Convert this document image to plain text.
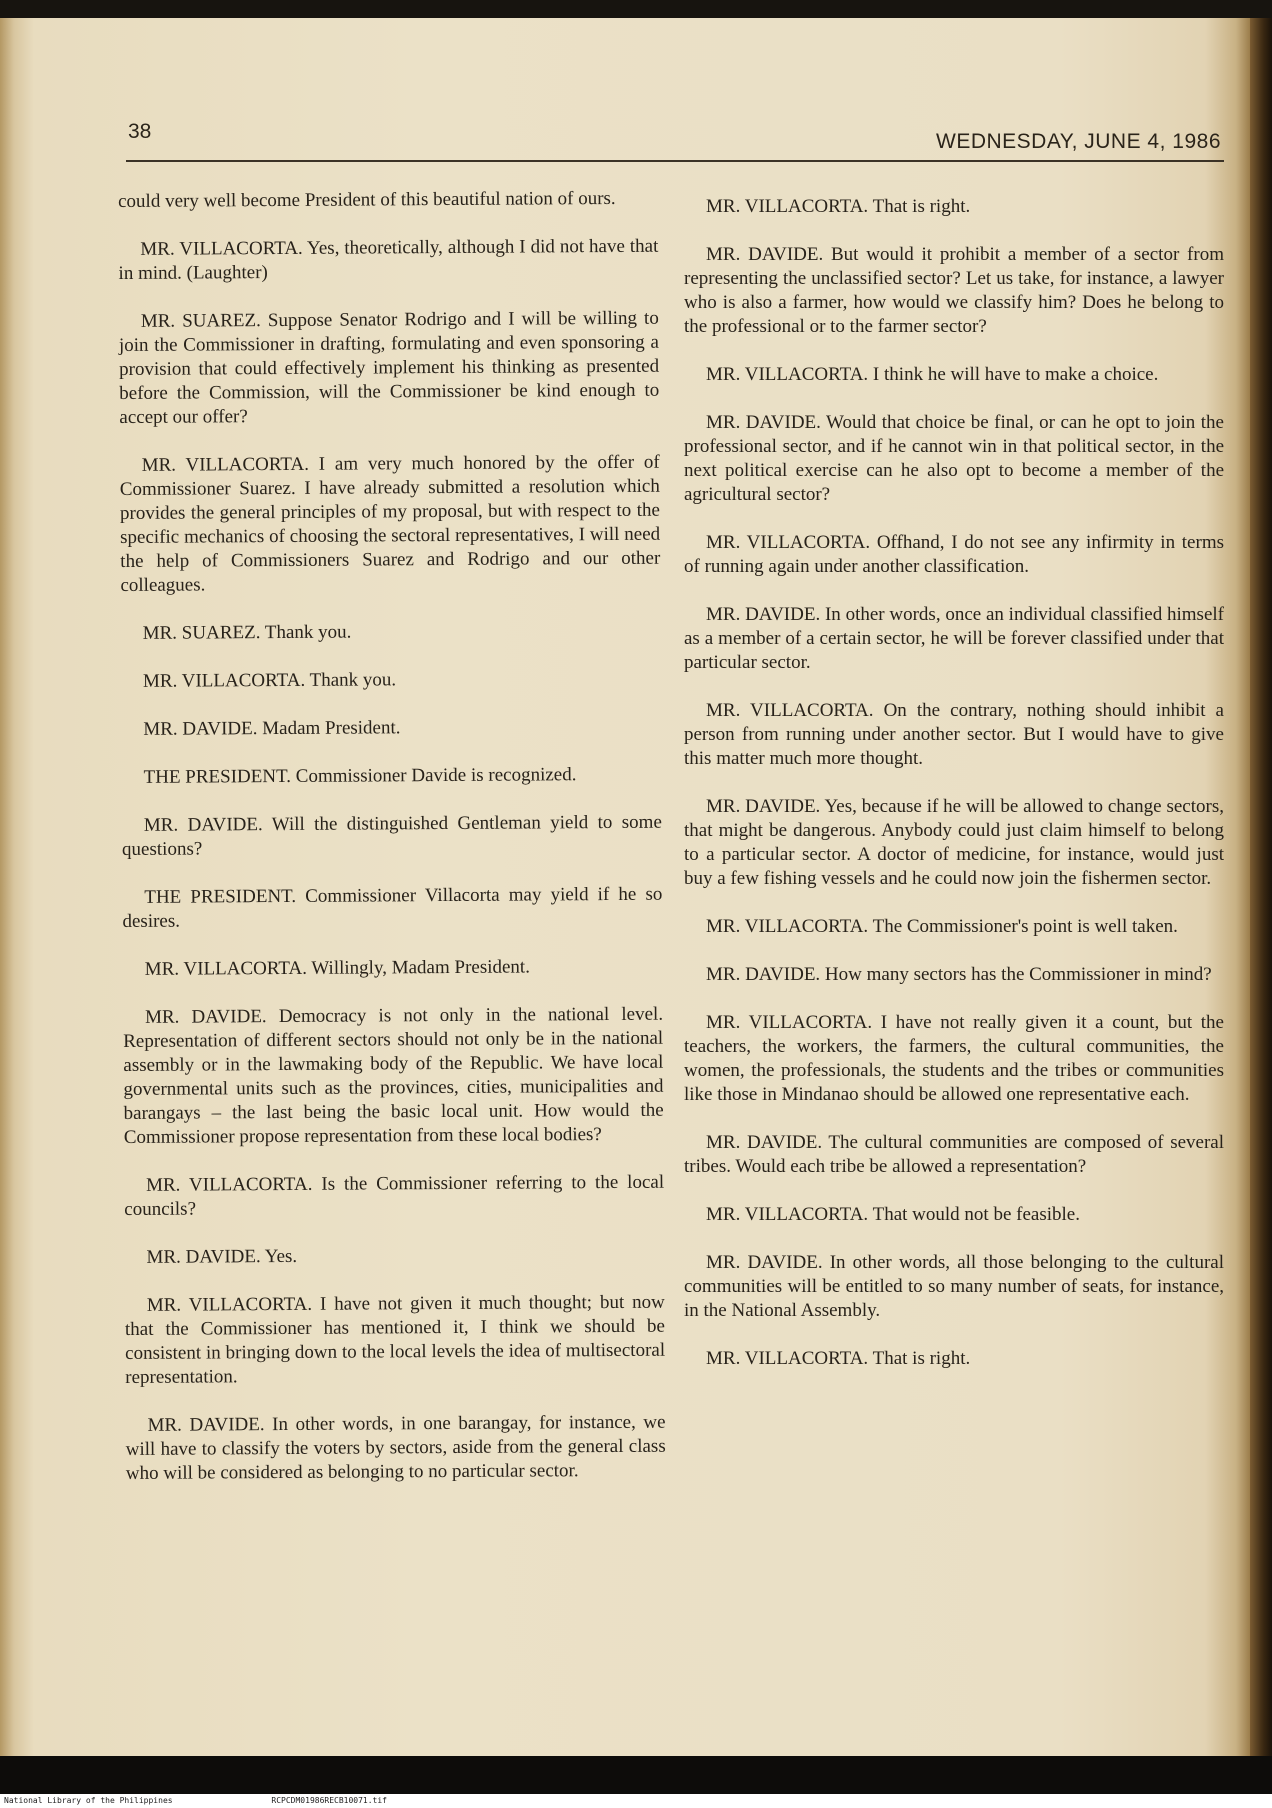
38	WEDNESDAY, JUNE 4, 1986

could very well become President of this beautiful nation of ours.

MR. VILLACORTA. Yes, theoretically, although I did not have that in mind. (Laughter)

MR. SUAREZ. Suppose Senator Rodrigo and I will be willing to join the Commissioner in drafting, formulating and even sponsoring a provision that could effectively implement his thinking as presented before the Commission, will the Commissioner be kind enough to accept our offer?

MR. VILLACORTA. I am very much honored by the offer of Commissioner Suarez. I have already submitted a resolution which provides the general principles of my proposal, but with respect to the specific mechanics of choosing the sectoral representatives, I will need the help of Commissioners Suarez and Rodrigo and our other colleagues.

MR. SUAREZ. Thank you.

MR. VILLACORTA. Thank you.

MR. DAVIDE. Madam President.

THE PRESIDENT. Commissioner Davide is recognized.

MR. DAVIDE. Will the distinguished Gentleman yield to some questions?

THE PRESIDENT. Commissioner Villacorta may yield if he so desires.

MR. VILLACORTA. Willingly, Madam President.

MR. DAVIDE. Democracy is not only in the national level. Representation of different sectors should not only be in the national assembly or in the lawmaking body of the Republic. We have local governmental units such as the provinces, cities, municipalities and barangays – the last being the basic local unit. How would the Commissioner propose representation from these local bodies?

MR. VILLACORTA. Is the Commissioner referring to the local councils?

MR. DAVIDE. Yes.

MR. VILLACORTA. I have not given it much thought; but now that the Commissioner has mentioned it, I think we should be consistent in bringing down to the local levels the idea of multisectoral representation.

MR. DAVIDE. In other words, in one barangay, for instance, we will have to classify the voters by sectors, aside from the general class who will be considered as belonging to no particular sector.

MR. VILLACORTA. That is right.

MR. DAVIDE. But would it prohibit a member of a sector from representing the unclassified sector? Let us take, for instance, a lawyer who is also a farmer, how would we classify him? Does he belong to the professional or to the farmer sector?

MR. VILLACORTA. I think he will have to make a choice.

MR. DAVIDE. Would that choice be final, or can he opt to join the professional sector, and if he cannot win in that political sector, in the next political exercise can he also opt to become a member of the agricultural sector?

MR. VILLACORTA. Offhand, I do not see any infirmity in terms of running again under another classification.

MR. DAVIDE. In other words, once an individual classified himself as a member of a certain sector, he will be forever classified under that particular sector.

MR. VILLACORTA. On the contrary, nothing should inhibit a person from running under another sector. But I would have to give this matter much more thought.

MR. DAVIDE. Yes, because if he will be allowed to change sectors, that might be dangerous. Anybody could just claim himself to belong to a particular sector. A doctor of medicine, for instance, would just buy a few fishing vessels and he could now join the fishermen sector.

MR. VILLACORTA. The Commissioner's point is well taken.

MR. DAVIDE. How many sectors has the Commissioner in mind?

MR. VILLACORTA. I have not really given it a count, but the teachers, the workers, the farmers, the cultural communities, the women, the professionals, the students and the tribes or communities like those in Mindanao should be allowed one representative each.

MR. DAVIDE. The cultural communities are composed of several tribes. Would each tribe be allowed a representation?

MR. VILLACORTA. That would not be feasible.

MR. DAVIDE. In other words, all those belonging to the cultural communities will be entitled to so many number of seats, for instance, in the National Assembly.

MR. VILLACORTA. That is right.

National Library of the Philippines	RCPCDM01986RECB10071.tif
